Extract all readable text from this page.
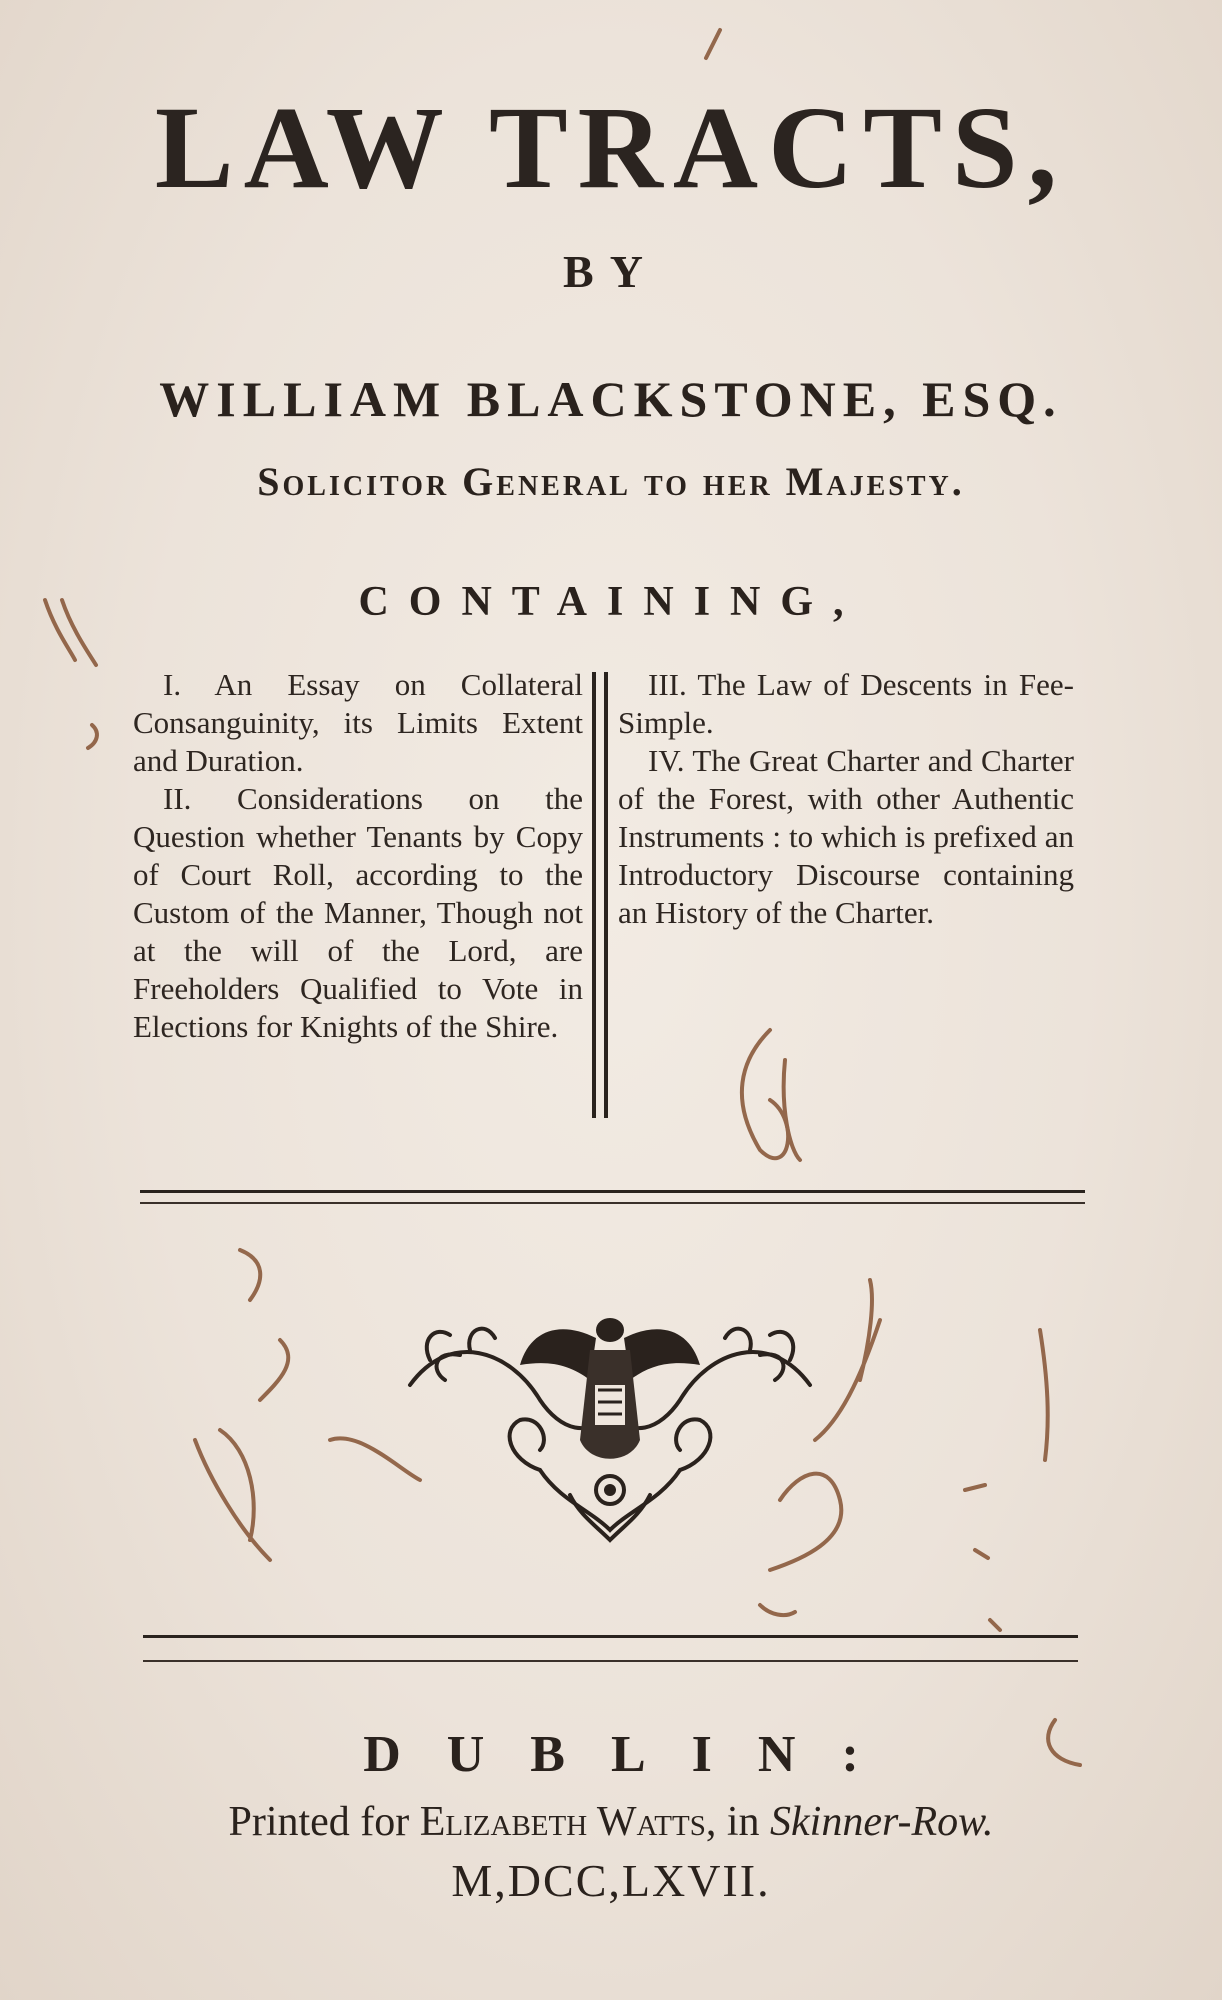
LAW TRACTS,
BY
WILLIAM BLACKSTONE, ESQ.
Solicitor General to her Majesty.
CONTAINING,

I. An Essay on Collateral Consanguinity, its Limits Extent and Duration.

II. Considerations on the Question whether Tenants by Copy of Court Roll, according to the Custom of the Manner, Though not at the will of the Lord, are Freeholders Qualified to Vote in Elections for Knights of the Shire.

III. The Law of Descents in Fee-Simple.

IV. The Great Charter and Charter of the Forest, with other Authentic Instruments : to which is prefixed an Introductory Discourse containing an History of the Charter.

DUBLIN:
Printed for Elizabeth Watts, in Skinner-Row.
M,DCC,LXVII.
